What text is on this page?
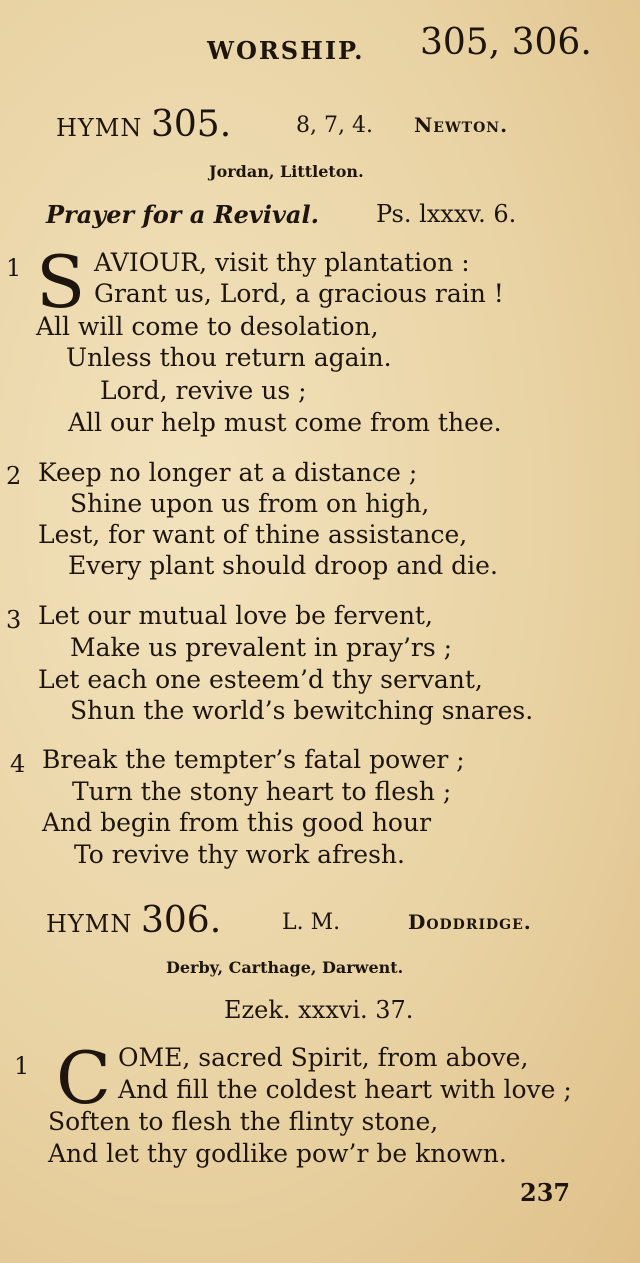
WORSHIP. 305, 306.
HYMN 305.	8, 7, 4. Newton.
Jordan, Littleton.
Prayer for a Revival. Ps. lxxxv. 6.
1 S AVIOUR, visit thy plantation :
Grant us, Lord, a gracious rain !
All will come to desolation,
Unless thou return again.
Lord, revive us ;
All our help must come from thee.
2 Keep no longer at a distance ;
Shine upon us from on high,
Lest, for want of thine assistance,
Every plant should droop and die.
3 Let our mutual love be fervent,
Make us prevalent in pray’rs ;
Let each one esteem’d thy servant,
Shun the world’s bewitching snares.
4 Break the tempter’s fatal power ;
Turn the stony heart to flesh ;
And begin from this good hour
To revive thy work afresh.
HYMN 306.	L. M.	Doddridge.
Derby, Carthage, Darwent.
Ezek. xxxvi. 37.
1 C OME, sacred Spirit, from above,
And fill the coldest heart with love ;
Soften to flesh the flinty stone,
And let thy godlike pow’r be known.
237
